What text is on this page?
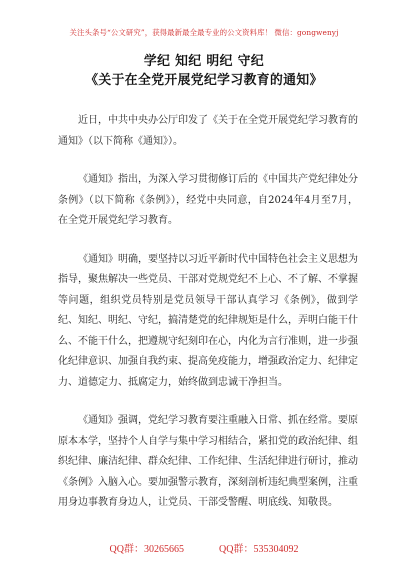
关注头条号“公文研究”，获得最新最全最专业的公文资料库！ 微信：gongwenyj
学纪 知纪 明纪 守纪
《关于在全党开展党纪学习教育的通知》

近日，中共中央办公厅印发了《关于在全党开展党纪学习教育的通知》（以下简称《通知》）。

《通知》指出，为深入学习贯彻修订后的《中国共产党纪律处分条例》（以下简称《条例》），经党中央同意，自2024年4月至7月，在全党开展党纪学习教育。

《通知》明确，要坚持以习近平新时代中国特色社会主义思想为指导，聚焦解决一些党员、干部对党规党纪不上心、不了解、不掌握等问题，组织党员特别是党员领导干部认真学习《条例》，做到学纪、知纪、明纪、守纪，搞清楚党的纪律规矩是什么，弄明白能干什么、不能干什么，把遵规守纪刻印在心，内化为言行准则，进一步强化纪律意识、加强自我约束、提高免疫能力，增强政治定力、纪律定力、道德定力、抵腐定力，始终做到忠诚干净担当。

《通知》强调，党纪学习教育要注重融入日常、抓在经常。要原原本本学，坚持个人自学与集中学习相结合，紧扣党的政治纪律、组织纪律、廉洁纪律、群众纪律、工作纪律、生活纪律进行研讨，推动《条例》入脑入心。要加强警示教育，深刻剖析违纪典型案例，注重用身边事教育身边人，让党员、干部受警醒、明底线、知敬畏。

QQ群：30265665	QQ群：535304092
